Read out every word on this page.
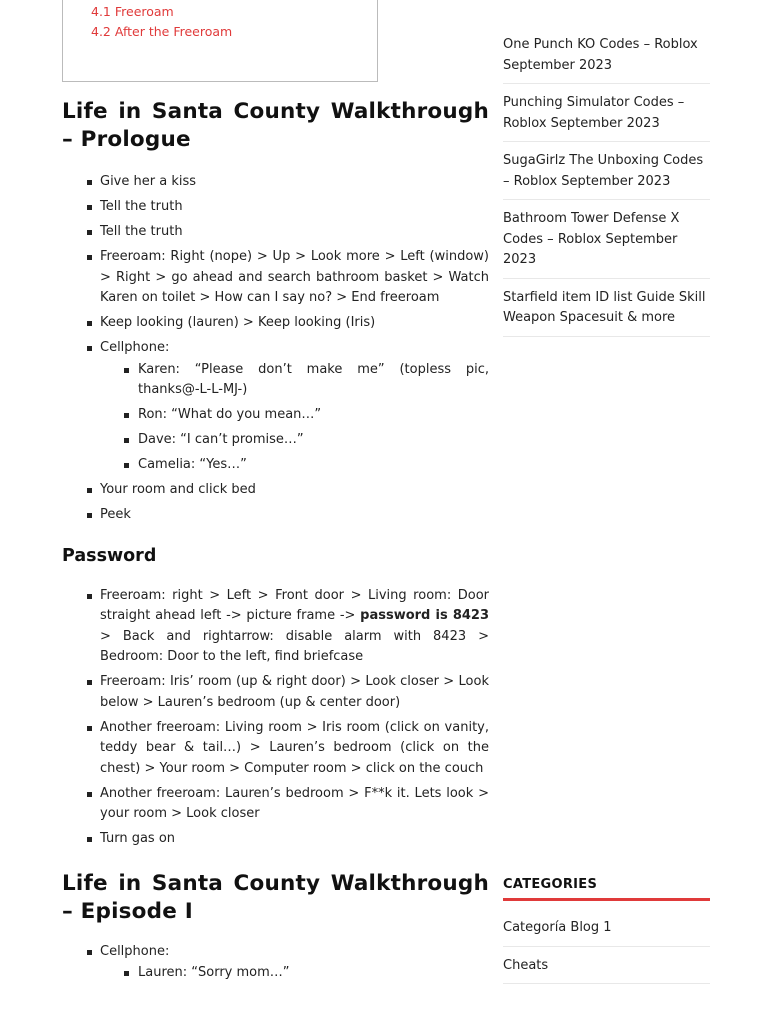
4.1 Freeroam
4.2 After the Freeroam
Life in Santa County Walkthrough – Prologue
Give her a kiss
Tell the truth
Tell the truth
Freeroam: Right (nope) > Up > Look more > Left (window) > Right > go ahead and search bathroom basket > Watch Karen on toilet > How can I say no? > End freeroam
Keep looking (lauren) > Keep looking (Iris)
Cellphone:
Karen: “Please don’t make me” (topless pic, thanks@-L-L-MJ-)
Ron: “What do you mean…”
Dave: “I can’t promise…”
Camelia: “Yes…”
Your room and click bed
Peek
Password
Freeroam: right > Left > Front door > Living room: Door straight ahead left -> picture frame -> password is 8423 > Back and rightarrow: disable alarm with 8423 > Bedroom: Door to the left, find briefcase
Freeroam: Iris’ room (up & right door) > Look closer > Look below > Lauren’s bedroom (up & center door)
Another freeroam: Living room > Iris room (click on vanity, teddy bear & tail…) > Lauren’s bedroom (click on the chest) > Your room > Computer room > click on the couch
Another freeroam: Lauren’s bedroom > F**k it. Lets look > your room > Look closer
Turn gas on
Life in Santa County Walkthrough – Episode I
Cellphone:
Lauren: “Sorry mom…”
One Punch KO Codes – Roblox September 2023
Punching Simulator Codes – Roblox September 2023
SugaGirlz The Unboxing Codes – Roblox September 2023
Bathroom Tower Defense X Codes – Roblox September 2023
Starfield item ID list Guide Skill Weapon Spacesuit & more
CATEGORIES
Categoría Blog 1
Cheats
